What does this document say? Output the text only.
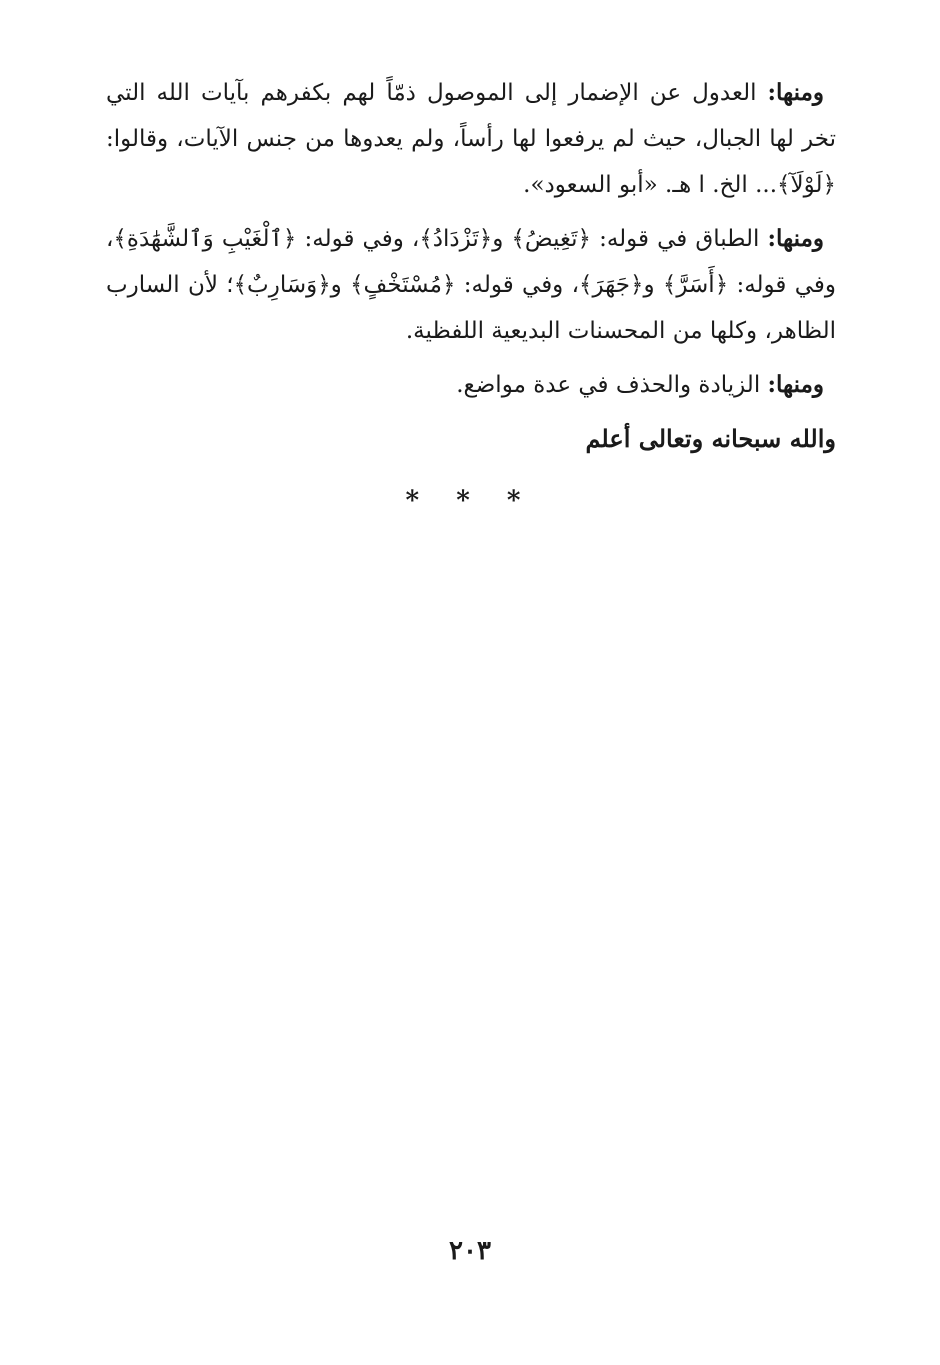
ومنها: العدول عن الإضمار إلى الموصول ذمّاً لهم بكفرهم بآيات الله التي تخر لها الجبال، حيث لم يرفعوا لها رأساً، ولم يعدوها من جنس الآيات، وقالوا: ﴿لَوْلَآ﴾... الخ. ا هـ. «أبو السعود».

ومنها: الطباق في قوله: ﴿تَغِيضُ﴾ و﴿تَزْدَادُ﴾، وفي قوله: ﴿ٱلْغَيْبِ وَٱلشَّهَٰدَةِ﴾، وفي قوله: ﴿أَسَرَّ﴾ و﴿جَهَرَ﴾، وفي قوله: ﴿مُسْتَخْفٍ﴾ و﴿وَسَارِبٌ﴾؛ لأن السارب الظاهر، وكلها من المحسنات البديعية اللفظية.

ومنها: الزيادة والحذف في عدة مواضع.

والله سبحانه وتعالى أعلم
* * *
٢٠٣
